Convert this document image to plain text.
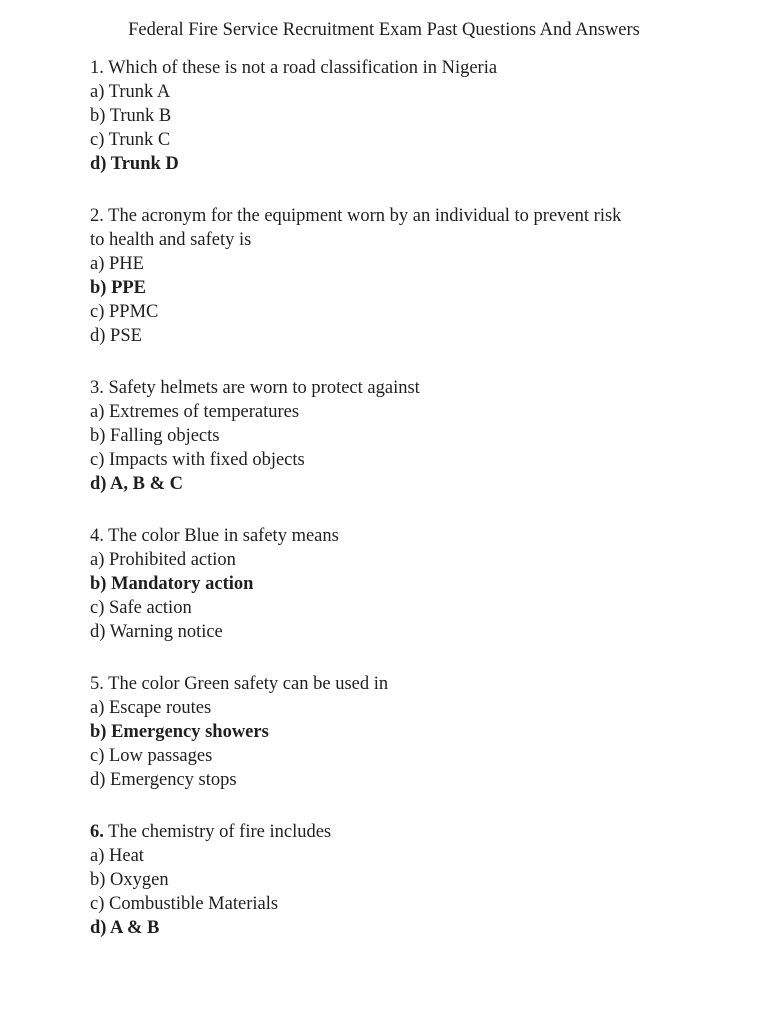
Federal Fire Service Recruitment Exam Past Questions And Answers
1. Which of these is not a road classification in Nigeria
a) Trunk A
b) Trunk B
c) Trunk C
d) Trunk D
2. The acronym for the equipment worn by an individual to prevent risk
to health and safety is
a) PHE
b) PPE
c) PPMC
d) PSE
3. Safety helmets are worn to protect against
a) Extremes of temperatures
b) Falling objects
c) Impacts with fixed objects
d) A, B & C
4. The color Blue in safety means
a) Prohibited action
b) Mandatory action
c) Safe action
d) Warning notice
5. The color Green safety can be used in
a) Escape routes
b) Emergency showers
c) Low passages
d) Emergency stops
6. The chemistry of fire includes
a) Heat
b) Oxygen
c) Combustible Materials
d) A & B
